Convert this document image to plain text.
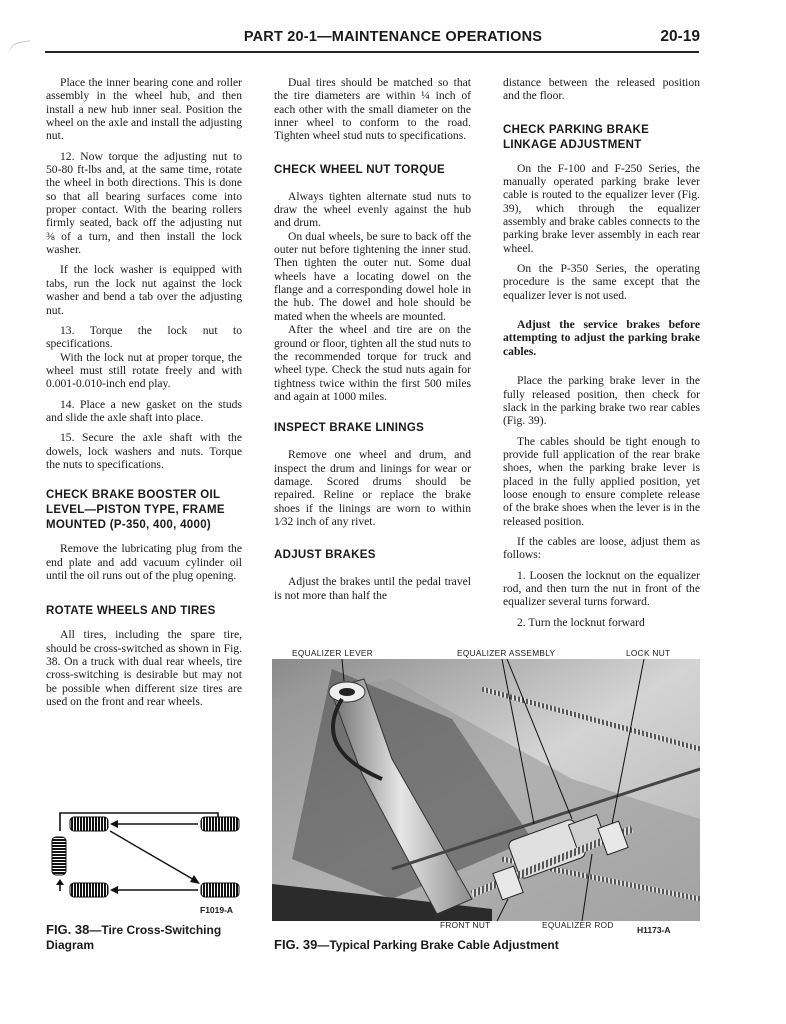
PART 20-1—MAINTENANCE OPERATIONS	20-19

Place the inner bearing cone and roller assembly in the wheel hub, and then install a new hub inner seal. Position the wheel on the axle and install the adjusting nut.

12. Now torque the adjusting nut to 50-80 ft-lbs and, at the same time, rotate the wheel in both directions. This is done so that all bearing surfaces come into proper contact. With the bearing rollers firmly seated, back off the adjusting nut ⅜ of a turn, and then install the lock washer.

If the lock washer is equipped with tabs, run the lock nut against the lock washer and bend a tab over the adjusting nut.

13. Torque the lock nut to specifications.

With the lock nut at proper torque, the wheel must still rotate freely and with 0.001-0.010-inch end play.

14. Place a new gasket on the studs and slide the axle shaft into place.

15. Secure the axle shaft with the dowels, lock washers and nuts. Torque the nuts to specifications.

CHECK BRAKE BOOSTER OIL LEVEL—PISTON TYPE, FRAME MOUNTED (P-350, 400, 4000)

Remove the lubricating plug from the end plate and add vacuum cylinder oil until the oil runs out of the plug opening.

ROTATE WHEELS AND TIRES

All tires, including the spare tire, should be cross-switched as shown in Fig. 38. On a truck with dual rear wheels, tire cross-switching is desirable but may not be possible when different size tires are used on the front and rear wheels.

Dual tires should be matched so that the tire diameters are within ¼ inch of each other with the small diameter on the inner wheel to conform to the road. Tighten wheel stud nuts to specifications.

CHECK WHEEL NUT TORQUE

Always tighten alternate stud nuts to draw the wheel evenly against the hub and drum.

On dual wheels, be sure to back off the outer nut before tightening the inner stud. Then tighten the outer nut. Some dual wheels have a locating dowel on the flange and a corresponding dowel hole in the hub. The dowel and hole should be mated when the wheels are mounted.

After the wheel and tire are on the ground or floor, tighten all the stud nuts to the recommended torque for truck and wheel type. Check the stud nuts again for tightness twice within the first 500 miles and again at 1000 miles.

INSPECT BRAKE LININGS

Remove one wheel and drum, and inspect the drum and linings for wear or damage. Scored drums should be repaired. Reline or replace the brake shoes if the linings are worn to within 1⁄32 inch of any rivet.

ADJUST BRAKES

Adjust the brakes until the pedal travel is not more than half the

distance between the released position and the floor.

CHECK PARKING BRAKE LINKAGE ADJUSTMENT

On the F-100 and F-250 Series, the manually operated parking brake lever cable is routed to the equalizer lever (Fig. 39), which through the equalizer assembly and brake cables connects to the parking brake lever assembly in each rear wheel.

On the P-350 Series, the operating procedure is the same except that the equalizer lever is not used.

Adjust the service brakes before attempting to adjust the parking brake cables.

Place the parking brake lever in the fully released position, then check for slack in the parking brake two rear cables (Fig. 39).

The cables should be tight enough to provide full application of the rear brake shoes, when the parking brake lever is placed in the fully applied position, yet loose enough to ensure complete release of the brake shoes when the lever is in the released position.

If the cables are loose, adjust them as follows:

1. Loosen the locknut on the equalizer rod, and then turn the nut in front of the equalizer several turns forward.

2. Turn the locknut forward

F1019-A
FIG. 38—Tire Cross-Switching Diagram
EQUALIZER LEVER	EQUALIZER ASSEMBLY	LOCK NUT
FRONT NUT	EQUALIZER ROD	H1173-A
FIG. 39—Typical Parking Brake Cable Adjustment
